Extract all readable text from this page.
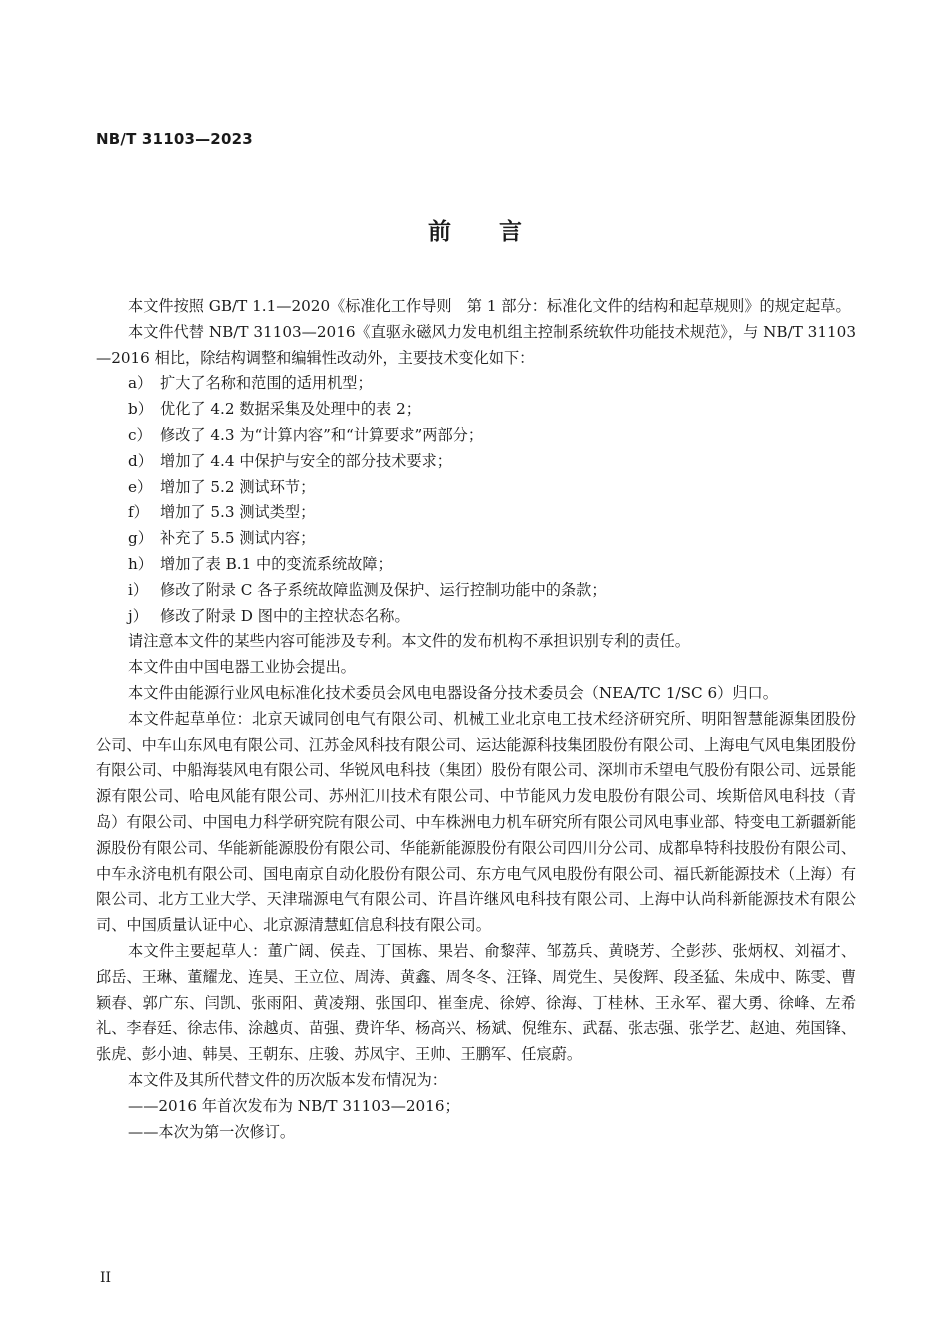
NB/T 31103—2023
前言

本文件按照 GB/T 1.1—2020《标准化工作导则　第 1 部分：标准化文件的结构和起草规则》的规定起草。

本文件代替 NB/T 31103—2016《直驱永磁风力发电机组主控制系统软件功能技术规范》，与 NB/T 31103—2016 相比，除结构调整和编辑性改动外，主要技术变化如下：

a） 扩大了名称和范围的适用机型；
b） 优化了 4.2 数据采集及处理中的表 2；
c） 修改了 4.3 为“计算内容”和“计算要求”两部分；
d） 增加了 4.4 中保护与安全的部分技术要求；
e） 增加了 5.2 测试环节；
f） 增加了 5.3 测试类型；
g） 补充了 5.5 测试内容；
h） 增加了表 B.1 中的变流系统故障；
i） 修改了附录 C 各子系统故障监测及保护、运行控制功能中的条款；
j） 修改了附录 D 图中的主控状态名称。

请注意本文件的某些内容可能涉及专利。本文件的发布机构不承担识别专利的责任。

本文件由中国电器工业协会提出。

本文件由能源行业风电标准化技术委员会风电电器设备分技术委员会（NEA/TC 1/SC 6）归口。

本文件起草单位：北京天诚同创电气有限公司、机械工业北京电工技术经济研究所、明阳智慧能源集团股份公司、中车山东风电有限公司、江苏金风科技有限公司、运达能源科技集团股份有限公司、上海电气风电集团股份有限公司、中船海装风电有限公司、华锐风电科技（集团）股份有限公司、深圳市禾望电气股份有限公司、远景能源有限公司、哈电风能有限公司、苏州汇川技术有限公司、中节能风力发电股份有限公司、埃斯倍风电科技（青岛）有限公司、中国电力科学研究院有限公司、中车株洲电力机车研究所有限公司风电事业部、特变电工新疆新能源股份有限公司、华能新能源股份有限公司、华能新能源股份有限公司四川分公司、成都阜特科技股份有限公司、中车永济电机有限公司、国电南京自动化股份有限公司、东方电气风电股份有限公司、福氏新能源技术（上海）有限公司、北方工业大学、天津瑞源电气有限公司、许昌许继风电科技有限公司、上海中认尚科新能源技术有限公司、中国质量认证中心、北京源清慧虹信息科技有限公司。

本文件主要起草人：董广阔、侯垚、丁国栋、果岩、俞黎萍、邹荔兵、黄晓芳、仝彭莎、张炳权、刘福才、邱岳、王琳、董耀龙、连昊、王立位、周涛、黄鑫、周冬冬、汪锋、周党生、吴俊辉、段圣猛、朱成中、陈雯、曹颖春、郭广东、闫凯、张雨阳、黄凌翔、张国印、崔奎虎、徐婷、徐海、丁桂林、王永军、翟大勇、徐峰、左希礼、李春廷、徐志伟、涂越贞、苗强、费许华、杨高兴、杨斌、倪维东、武磊、张志强、张学艺、赵迪、苑国锋、张虎、彭小迪、韩昊、王朝东、庄骏、苏凤宇、王帅、王鹏军、任宸蔚。

本文件及其所代替文件的历次版本发布情况为：

——2016 年首次发布为 NB/T 31103—2016；

——本次为第一次修订。

II
